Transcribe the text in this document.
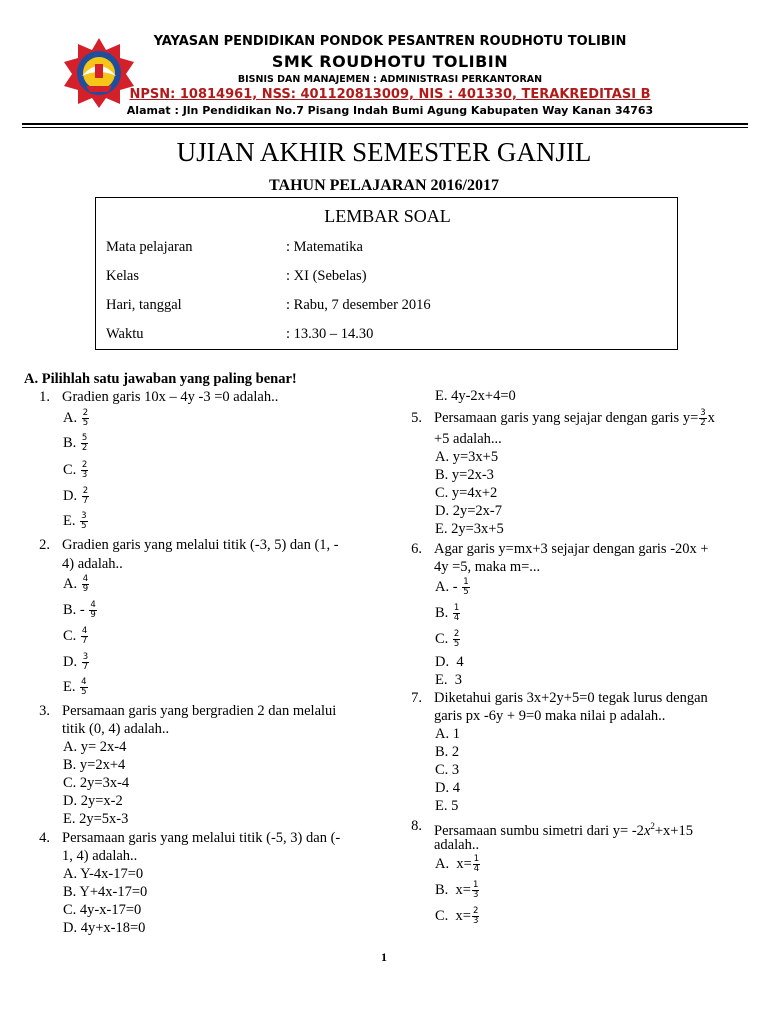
YAYASAN PENDIDIKAN PONDOK PESANTREN ROUDHOTU TOLIBIN
SMK ROUDHOTU TOLIBIN
BISNIS DAN MANAJEMEN : ADMINISTRASI PERKANTORAN
NPSN: 10814961, NSS: 401120813009, NIS : 401330, TERAKREDITASI B
Alamat : Jln Pendidikan No.7 Pisang Indah Bumi Agung Kabupaten Way Kanan 34763
UJIAN AKHIR SEMESTER GANJIL
TAHUN PELAJARAN 2016/2017
LEMBAR SOAL
Mata pelajaran	: Matematika
Kelas	: XI (Sebelas)
Hari, tanggal	: Rabu, 7 desember 2016
Waktu	: 13.30 – 14.30
A. Pilihlah satu jawaban yang paling benar!
1. Gradien garis 10x – 4y -3 =0 adalah..
A. $\frac{2}{5}$
B. $\frac{5}{2}$
C. $\frac{2}{3}$
D. $\frac{2}{7}$
E. $\frac{3}{5}$
2. Gradien garis yang melalui titik (-3, 5) dan (1, -
4) adalah..
A. $\frac{4}{9}$
B. - $\frac{4}{9}$
C. $\frac{4}{7}$
D. $\frac{3}{7}$
E. $\frac{4}{5}$
3. Persamaan garis yang bergradien 2 dan melalui
titik (0, 4) adalah..
A. y= 2x-4
B. y=2x+4
C. 2y=3x-4
D. 2y=x-2
E. 2y=5x-3
4. Persamaan garis yang melalui titik (-5, 3) dan (-
1, 4) adalah..
A. Y-4x-17=0
B. Y+4x-17=0
C. 4y-x-17=0
D. 4y+x-18=0
E. 4y-2x+4=0
5. Persamaan garis yang sejajar dengan garis $y= \frac{3}{2}$ x
+5 adalah...
A. y=3x+5
B. y=2x-3
C. y=4x+2
D. 2y=2x-7
E. 2y=3x+5
6. Agar garis y=mx+3 sejajar dengan garis -20x +
4y =5, maka m=...
A. - $\frac{1}{5}$
B. $\frac{1}{4}$
C. $\frac{2}{5}$
D. 4
E. 3
7. Diketahui garis 3x+2y+5=0 tegak lurus dengan
garis px -6y + 9=0 maka nilai p adalah..
A. 1
B. 2
C. 3
D. 4
E. 5
8. Persamaan sumbu simetri dari $y= -2x^2+x+15$
adalah..
A. $x= \frac{1}{4}$
B. $x= \frac{1}{3}$
C. $x= \frac{2}{3}$
1
